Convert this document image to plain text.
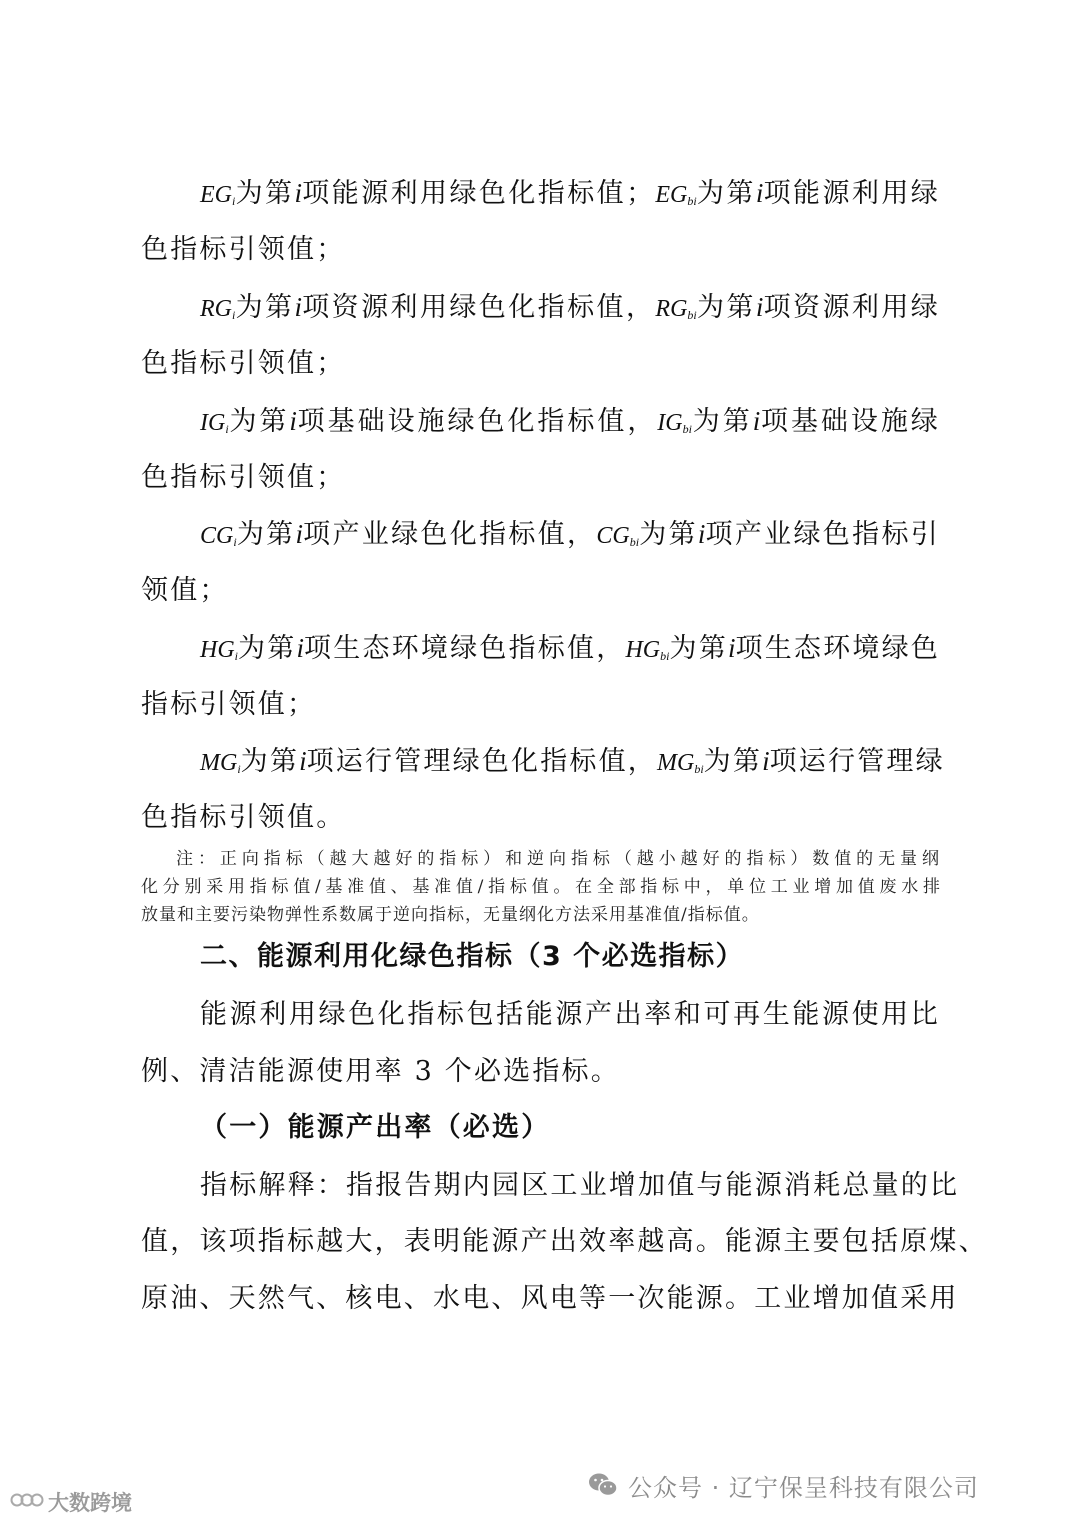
$EG_i$为第i项能源利用绿色化指标值；$EG_{bi}$为第i项能源利用绿
色指标引领值；
$RG_i$为第i项资源利用绿色化指标值，$RG_{bi}$为第i项资源利用绿
色指标引领值；
$IG_i$为第i项基础设施绿色化指标值，$IG_{bi}$为第i项基础设施绿
色指标引领值；
$CG_i$为第i项产业绿色化指标值，$CG_{bi}$为第i项产业绿色指标引
领值；
$HG_i$为第i项生态环境绿色指标值，$HG_{bi}$为第i项生态环境绿色
指标引领值；
$MG_i$为第i项运行管理绿色化指标值，$MG_{bi}$为第i项运行管理绿
色指标引领值。
注：正向指标（越大越好的指标）和逆向指标（越小越好的指标）数值的无量纲
化分别采用指标值/基准值、基准值/指标值。在全部指标中，单位工业增加值废水排
放量和主要污染物弹性系数属于逆向指标，无量纲化方法采用基准值/指标值。
二、能源利用化绿色指标（3 个必选指标）
能源利用绿色化指标包括能源产出率和可再生能源使用比
例、清洁能源使用率 3 个必选指标。
（一）能源产出率（必选）
指标解释：指报告期内园区工业增加值与能源消耗总量的比
值，该项指标越大，表明能源产出效率越高。能源主要包括原煤、
原油、天然气、核电、水电、风电等一次能源。工业增加值采用
公众号 · 辽宁保呈科技有限公司
大数跨境
